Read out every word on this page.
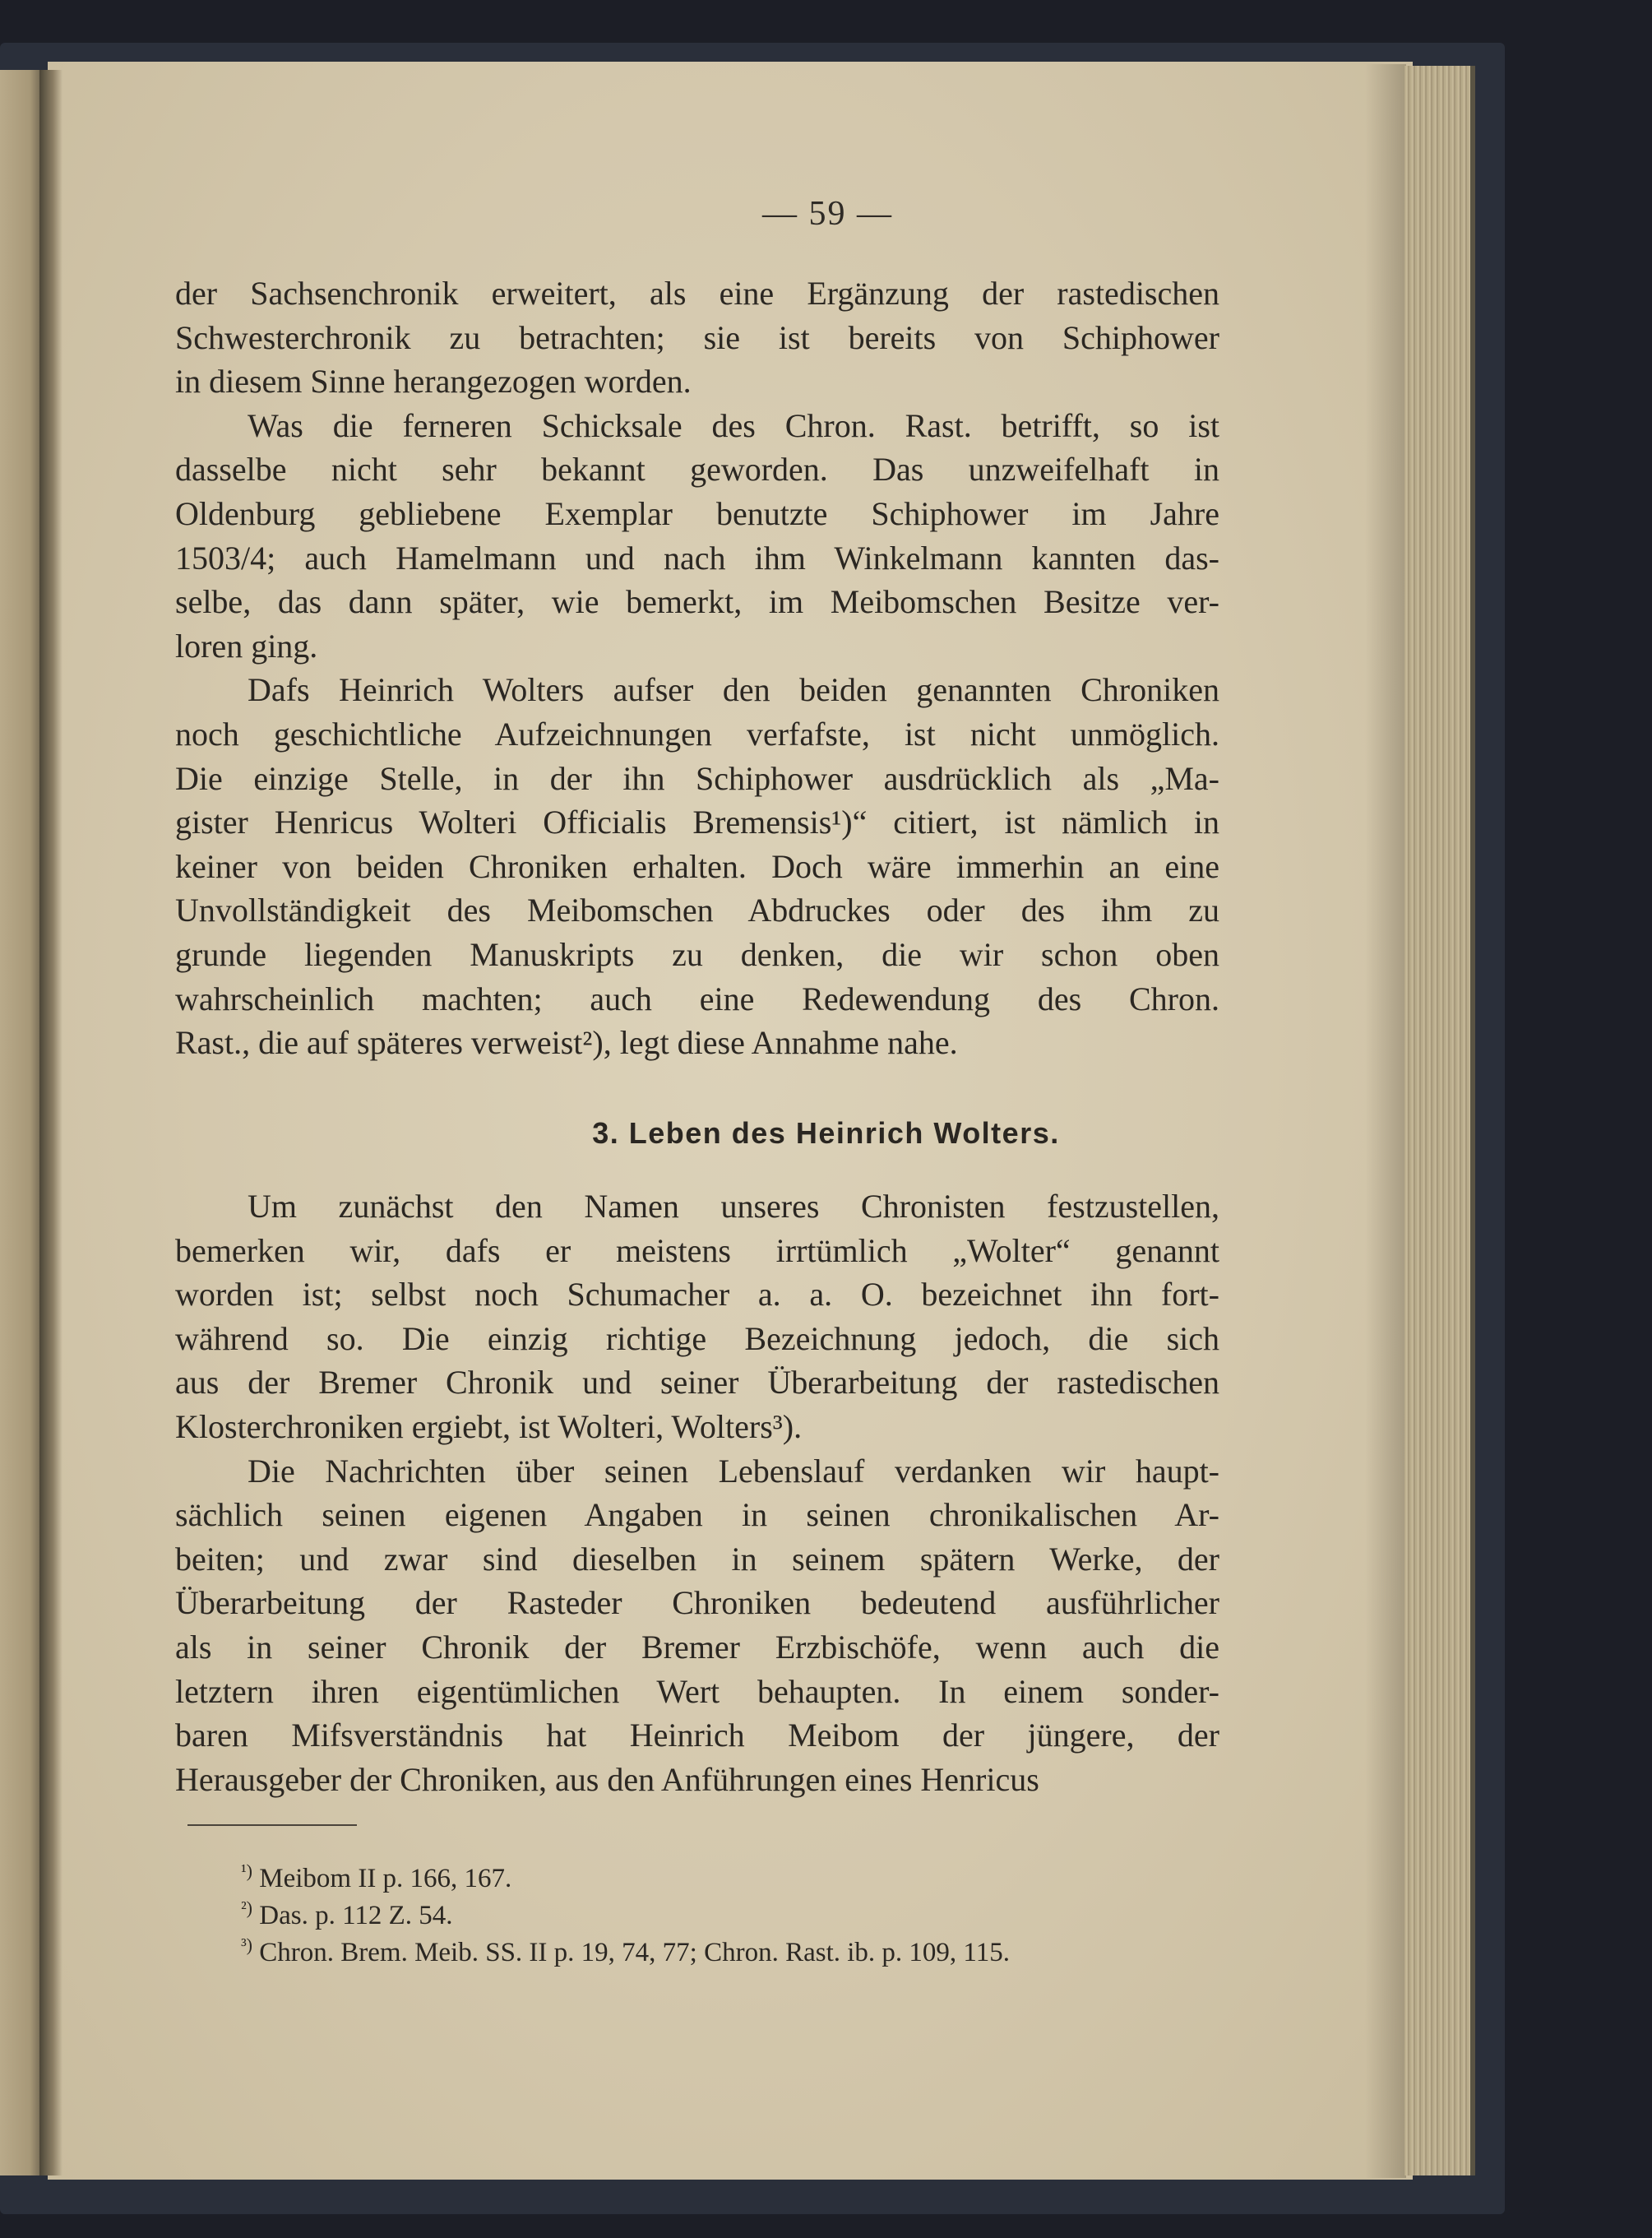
— 59 —
der Sachsenchronik erweitert, als eine Ergänzung der rastedischen
Schwesterchronik zu betrachten; sie ist bereits von Schiphower
in diesem Sinne herangezogen worden.
Was die ferneren Schicksale des Chron. Rast. betrifft, so ist
dasselbe nicht sehr bekannt geworden. Das unzweifelhaft in
Oldenburg gebliebene Exemplar benutzte Schiphower im Jahre
1503/4; auch Hamelmann und nach ihm Winkelmann kannten das-
selbe, das dann später, wie bemerkt, im Meibomschen Besitze ver-
loren ging.
Dafs Heinrich Wolters aufser den beiden genannten Chroniken
noch geschichtliche Aufzeichnungen verfafste, ist nicht unmöglich.
Die einzige Stelle, in der ihn Schiphower ausdrücklich als „Ma-
gister Henricus Wolteri Officialis Bremensis¹)“ citiert, ist nämlich in
keiner von beiden Chroniken erhalten. Doch wäre immerhin an eine
Unvollständigkeit des Meibomschen Abdruckes oder des ihm zu
grunde liegenden Manuskripts zu denken, die wir schon oben
wahrscheinlich machten; auch eine Redewendung des Chron.
Rast., die auf späteres verweist²), legt diese Annahme nahe.
3. Leben des Heinrich Wolters.
Um zunächst den Namen unseres Chronisten festzustellen,
bemerken wir, dafs er meistens irrtümlich „Wolter“ genannt
worden ist; selbst noch Schumacher a. a. O. bezeichnet ihn fort-
während so. Die einzig richtige Bezeichnung jedoch, die sich
aus der Bremer Chronik und seiner Überarbeitung der rastedischen
Klosterchroniken ergiebt, ist Wolteri, Wolters³).
Die Nachrichten über seinen Lebenslauf verdanken wir haupt-
sächlich seinen eigenen Angaben in seinen chronikalischen Ar-
beiten; und zwar sind dieselben in seinem spätern Werke, der
Überarbeitung der Rasteder Chroniken bedeutend ausführlicher
als in seiner Chronik der Bremer Erzbischöfe, wenn auch die
letztern ihren eigentümlichen Wert behaupten. In einem sonder-
baren Mifsverständnis hat Heinrich Meibom der jüngere, der
Herausgeber der Chroniken, aus den Anführungen eines Henricus
¹) Meibom II p. 166, 167.
²) Das. p. 112 Z. 54.
³) Chron. Brem. Meib. SS. II p. 19, 74, 77; Chron. Rast. ib. p. 109, 115.
